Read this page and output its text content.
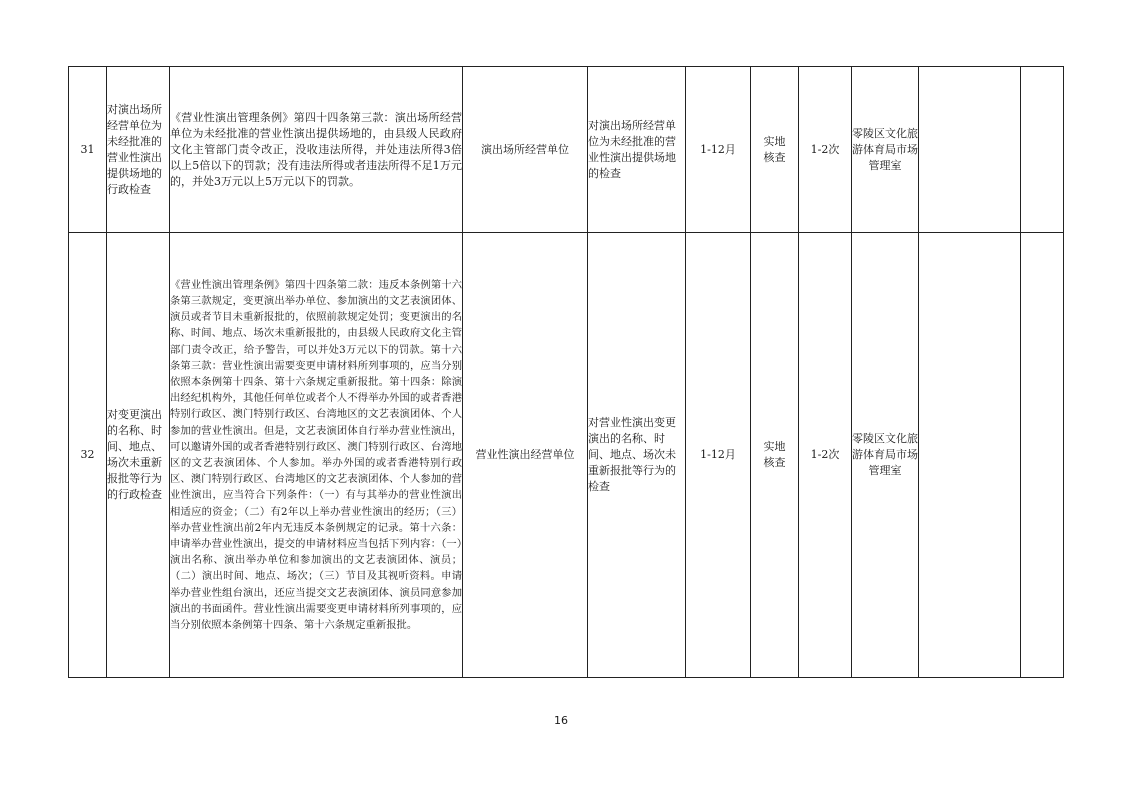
31	对演出场所经营单位为未经批准的营业性演出提供场地的行政检查	《营业性演出管理条例》第四十四条第三款：演出场所经营单位为未经批准的营业性演出提供场地的，由县级人民政府文化主管部门责令改正，没收违法所得，并处违法所得3倍以上5倍以下的罚款；没有违法所得或者违法所得不足1万元的，并处3万元以上5万元以下的罚款。	演出场所经营单位	对演出场所经营单位为未经批准的营业性演出提供场地的检查	1-12月	实地核查	1-2次	零陵区文化旅游体育局市场管理室		

32	对变更演出的名称、时间、地点、场次未重新报批等行为的行政检查	《营业性演出管理条例》第四十四条第二款：违反本条例第十六条第三款规定，变更演出举办单位、参加演出的文艺表演团体、演员或者节目未重新报批的，依照前款规定处罚；变更演出的名称、时间、地点、场次未重新报批的，由县级人民政府文化主管部门责令改正，给予警告，可以并处3万元以下的罚款。第十六条第三款：营业性演出需要变更申请材料所列事项的，应当分别依照本条例第十四条、第十六条规定重新报批。第十四条：除演出经纪机构外，其他任何单位或者个人不得举办外国的或者香港特别行政区、澳门特别行政区、台湾地区的文艺表演团体、个人参加的营业性演出。但是，文艺表演团体自行举办营业性演出，可以邀请外国的或者香港特别行政区、澳门特别行政区、台湾地区的文艺表演团体、个人参加。举办外国的或者香港特别行政区、澳门特别行政区、台湾地区的文艺表演团体、个人参加的营业性演出，应当符合下列条件：（一）有与其举办的营业性演出相适应的资金；（二）有2年以上举办营业性演出的经历；（三）举办营业性演出前2年内无违反本条例规定的记录。第十六条：申请举办营业性演出，提交的申请材料应当包括下列内容：（一）演出名称、演出举办单位和参加演出的文艺表演团体、演员；（二）演出时间、地点、场次；（三）节目及其视听资料。申请举办营业性组台演出，还应当提交文艺表演团体、演员同意参加演出的书面函件。营业性演出需要变更申请材料所列事项的，应当分别依照本条例第十四条、第十六条规定重新报批。	营业性演出经营单位	对营业性演出变更演出的名称、时间、地点、场次未重新报批等行为的检查	1-12月	实地核查	1-2次	零陵区文化旅游体育局市场管理室		

16
